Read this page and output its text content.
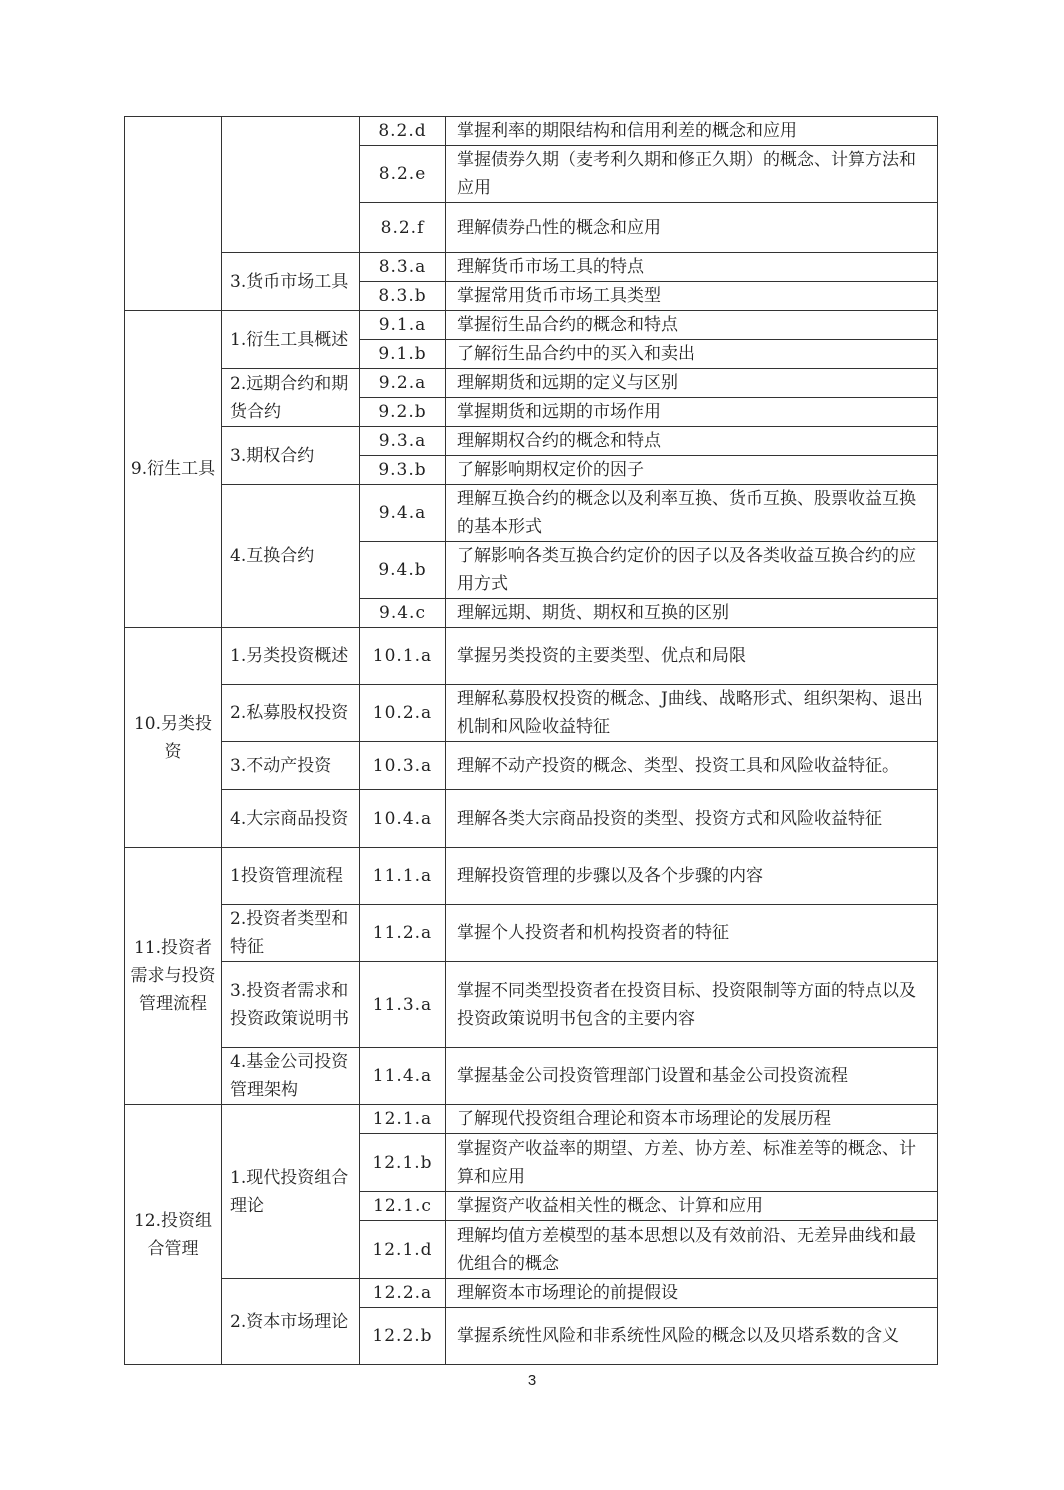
		8.2.d	掌握利率的期限结构和信用利差的概念和应用
		8.2.e	掌握债券久期（麦考利久期和修正久期）的概念、计算方法和应用
		8.2.f	理解债券凸性的概念和应用
	3.货币市场工具	8.3.a	理解货币市场工具的特点
		8.3.b	掌握常用货币市场工具类型
9.衍生工具	1.衍生工具概述	9.1.a	掌握衍生品合约的概念和特点
		9.1.b	了解衍生品合约中的买入和卖出
	2.远期合约和期货合约	9.2.a	理解期货和远期的定义与区别
		9.2.b	掌握期货和远期的市场作用
	3.期权合约	9.3.a	理解期权合约的概念和特点
		9.3.b	了解影响期权定价的因子
	4.互换合约	9.4.a	理解互换合约的概念以及利率互换、货币互换、股票收益互换的基本形式
		9.4.b	了解影响各类互换合约定价的因子以及各类收益互换合约的应用方式
		9.4.c	理解远期、期货、期权和互换的区别
10.另类投资	1.另类投资概述	10.1.a	掌握另类投资的主要类型、优点和局限
	2.私募股权投资	10.2.a	理解私募股权投资的概念、J曲线、战略形式、组织架构、退出机制和风险收益特征
	3.不动产投资	10.3.a	理解不动产投资的概念、类型、投资工具和风险收益特征。
	4.大宗商品投资	10.4.a	理解各类大宗商品投资的类型、投资方式和风险收益特征
11.投资者需求与投资管理流程	1投资管理流程	11.1.a	理解投资管理的步骤以及各个步骤的内容
	2.投资者类型和特征	11.2.a	掌握个人投资者和机构投资者的特征
	3.投资者需求和投资政策说明书	11.3.a	掌握不同类型投资者在投资目标、投资限制等方面的特点以及投资政策说明书包含的主要内容
	4.基金公司投资管理架构	11.4.a	掌握基金公司投资管理部门设置和基金公司投资流程
12.投资组合管理	1.现代投资组合理论	12.1.a	了解现代投资组合理论和资本市场理论的发展历程
		12.1.b	掌握资产收益率的期望、方差、协方差、标准差等的概念、计算和应用
		12.1.c	掌握资产收益相关性的概念、计算和应用
		12.1.d	理解均值方差模型的基本思想以及有效前沿、无差异曲线和最优组合的概念
	2.资本市场理论	12.2.a	理解资本市场理论的前提假设
		12.2.b	掌握系统性风险和非系统性风险的概念以及贝塔系数的含义
3
